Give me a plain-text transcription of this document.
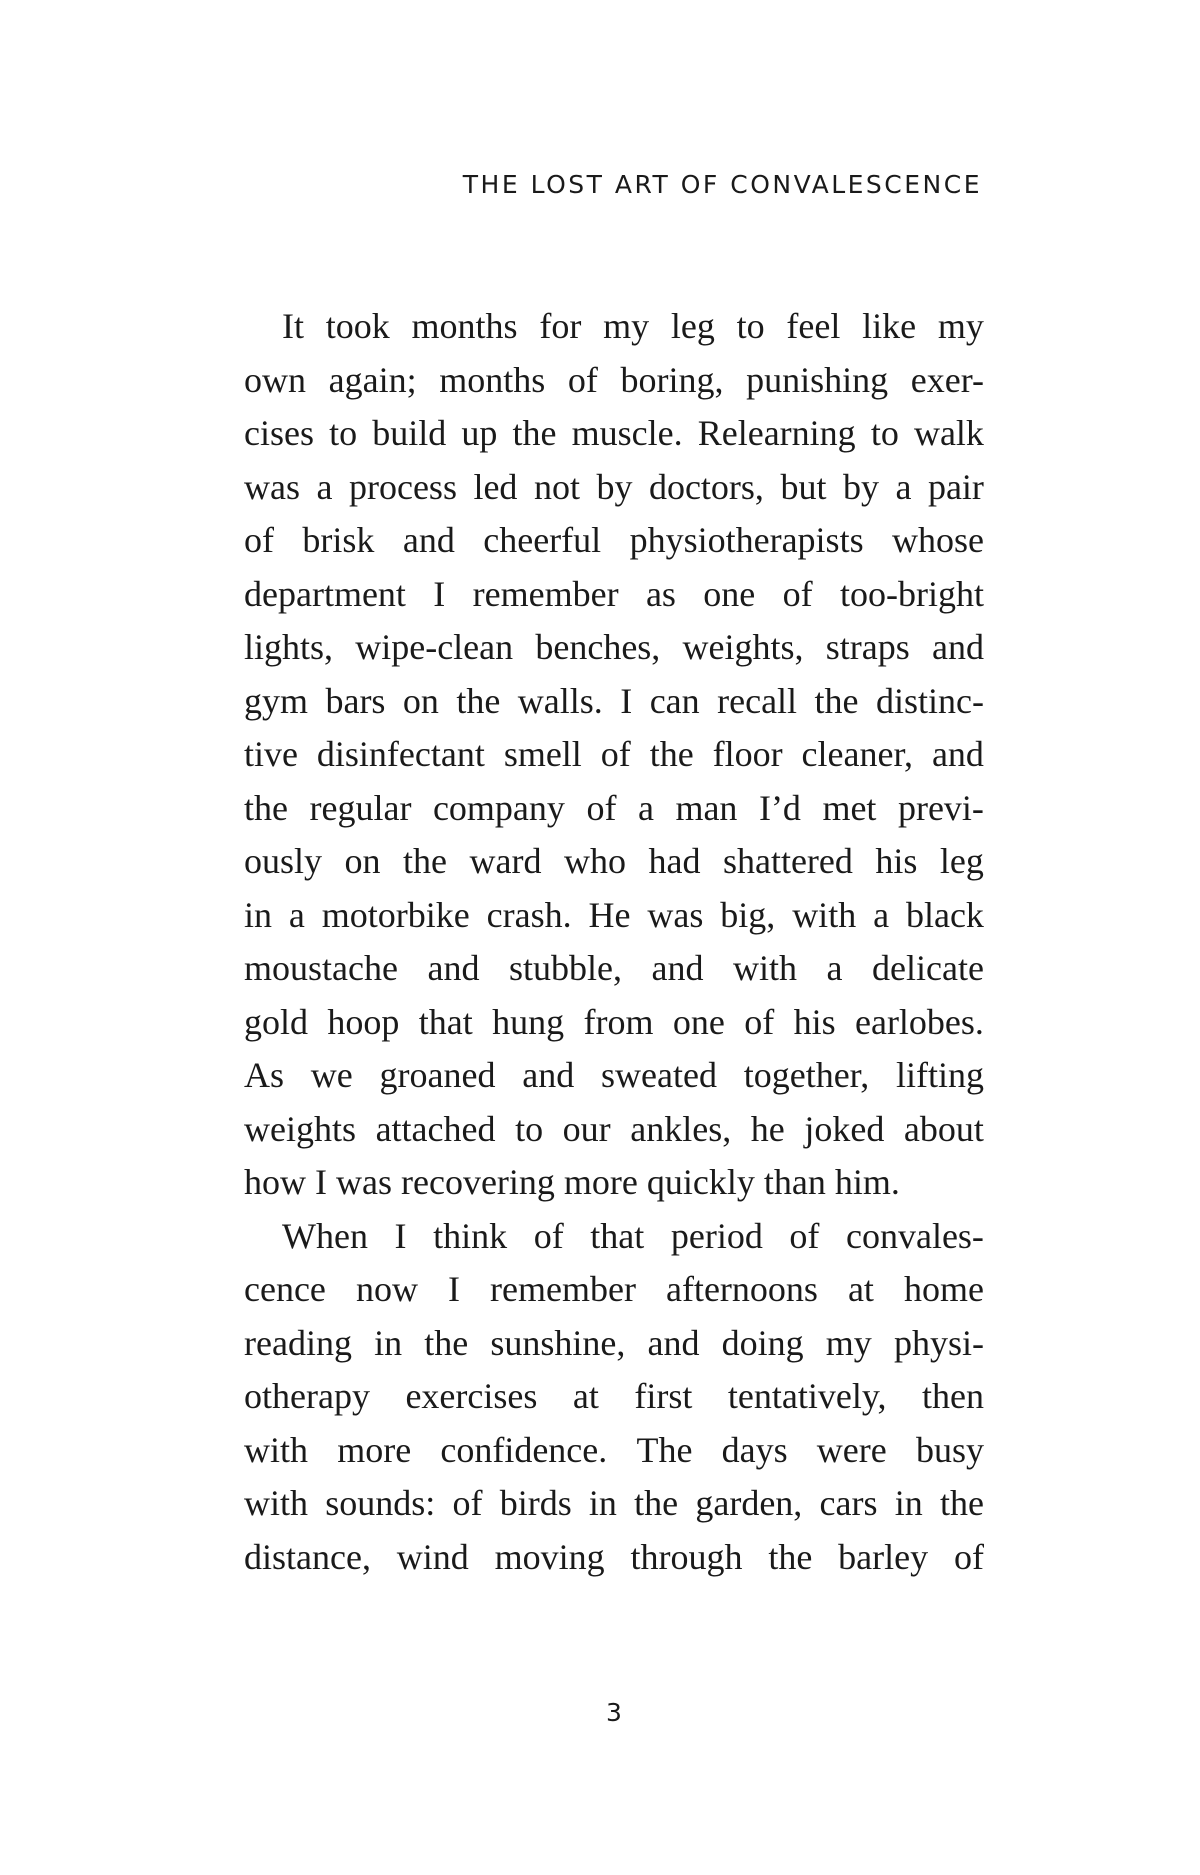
THE LOST ART OF CONVALESCENCE
It took months for my leg to feel like my
own again; months of boring, punishing exer-
cises to build up the muscle. Relearning to walk
was a process led not by doctors, but by a pair
of brisk and cheerful physiotherapists whose
department I remember as one of too-bright
lights, wipe-clean benches, weights, straps and
gym bars on the walls. I can recall the distinc-
tive disinfectant smell of the floor cleaner, and
the regular company of a man I’d met previ-
ously on the ward who had shattered his leg
in a motorbike crash. He was big, with a black
moustache and stubble, and with a delicate
gold hoop that hung from one of his earlobes.
As we groaned and sweated together, lifting
weights attached to our ankles, he joked about
how I was recovering more quickly than him.
When I think of that period of convales-
cence now I remember afternoons at home
reading in the sunshine, and doing my physi-
otherapy exercises at first tentatively, then
with more confidence. The days were busy
with sounds: of birds in the garden, cars in the
distance, wind moving through the barley of
3
